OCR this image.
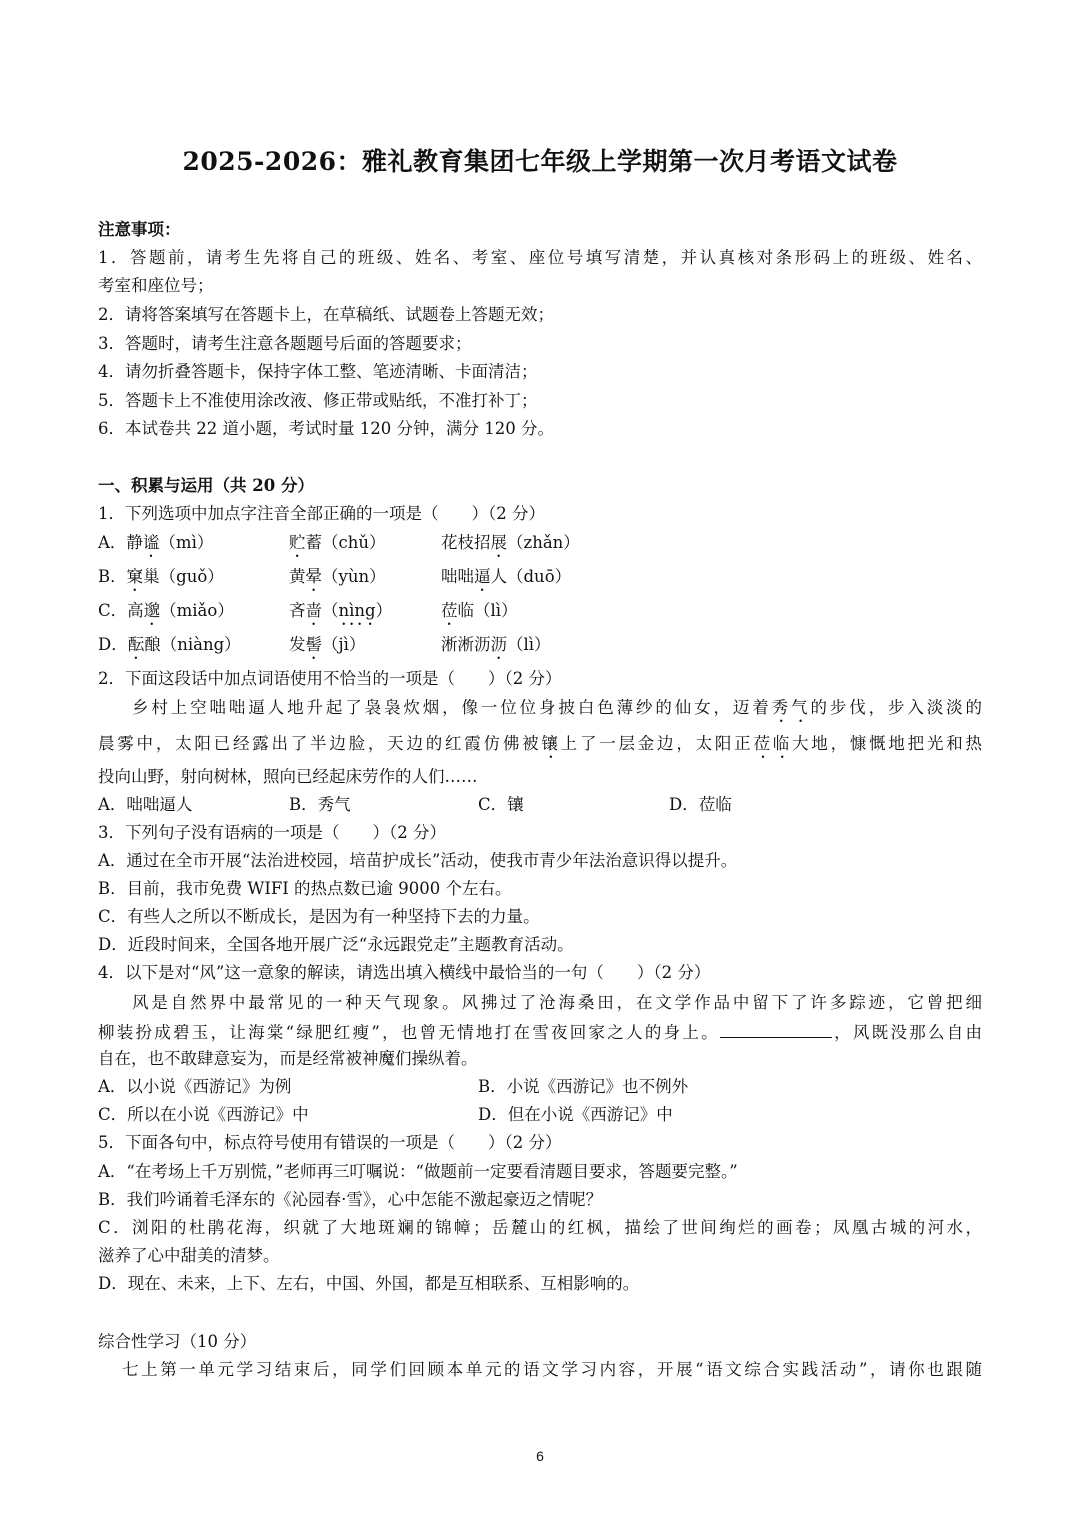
2025-2026：雅礼教育集团七年级上学期第一次月考语文试卷
注意事项：
1．答题前，请考生先将自己的班级、姓名、考室、座位号填写清楚，并认真核对条形码上的班级、姓名、
考室和座位号；
2．请将答案填写在答题卡上，在草稿纸、试题卷上答题无效；
3．答题时，请考生注意各题题号后面的答题要求；
4．请勿折叠答题卡，保持字体工整、笔迹清晰、卡面清洁；
5．答题卡上不准使用涂改液、修正带或贴纸，不准打补丁；
6．本试卷共 22 道小题，考试时量 120 分钟，满分 120 分。
一、积累与运用（共 20 分）
1．下列选项中加点字注音全部正确的一项是（　　）（2 分）
A．静谧（mì）	贮蓄（chǔ）	花枝招展（zhǎn）
B．窠巢（guǒ）	黄晕（yùn）	咄咄逼人（duō）
C．高邈（miǎo）	吝啬（nìng）	莅临（lì）
D．酝酿（niàng）	发髻（jì）	淅淅沥沥（lì）
2．下面这段话中加点词语使用不恰当的一项是（　　）（2 分）
乡村上空咄咄逼人地升起了袅袅炊烟，像一位位身披白色薄纱的仙女，迈着秀气的步伐，步入淡淡的
晨雾中，太阳已经露出了半边脸，天边的红霞仿佛被镶上了一层金边，太阳正莅临大地，慷慨地把光和热
投向山野，射向树林，照向已经起床劳作的人们……
A．咄咄逼人	B．秀气	C．镶	D．莅临
3．下列句子没有语病的一项是（　　）（2 分）
A．通过在全市开展“法治进校园，培苗护成长”活动，使我市青少年法治意识得以提升。
B．目前，我市免费 WIFI 的热点数已逾 9000 个左右。
C．有些人之所以不断成长，是因为有一种坚持下去的力量。
D．近段时间来，全国各地开展广泛“永远跟党走”主题教育活动。
4．以下是对“风”这一意象的解读，请选出填入横线中最恰当的一句（　　）（2 分）
风是自然界中最常见的一种天气现象。风拂过了沧海桑田，在文学作品中留下了许多踪迹，它曾把细
柳装扮成碧玉，让海棠“绿肥红瘦”，也曾无情地打在雪夜回家之人的身上。	，风既没那么自由
自在，也不敢肆意妄为，而是经常被神魔们操纵着。
A．以小说《西游记》为例	B．小说《西游记》也不例外
C．所以在小说《西游记》中	D．但在小说《西游记》中
5．下面各句中，标点符号使用有错误的一项是（　　）（2 分）
A．“在考场上千万别慌，”老师再三叮嘱说：“做题前一定要看清题目要求，答题要完整。”
B．我们吟诵着毛泽东的《沁园春·雪》，心中怎能不激起豪迈之情呢？
C．浏阳的杜鹃花海，织就了大地斑斓的锦幛；岳麓山的红枫，描绘了世间绚烂的画卷；凤凰古城的河水，
滋养了心中甜美的清梦。
D．现在、未来，上下、左右，中国、外国，都是互相联系、互相影响的。
综合性学习（10 分）
七上第一单元学习结束后，同学们回顾本单元的语文学习内容，开展“语文综合实践活动”，请你也跟随
6
